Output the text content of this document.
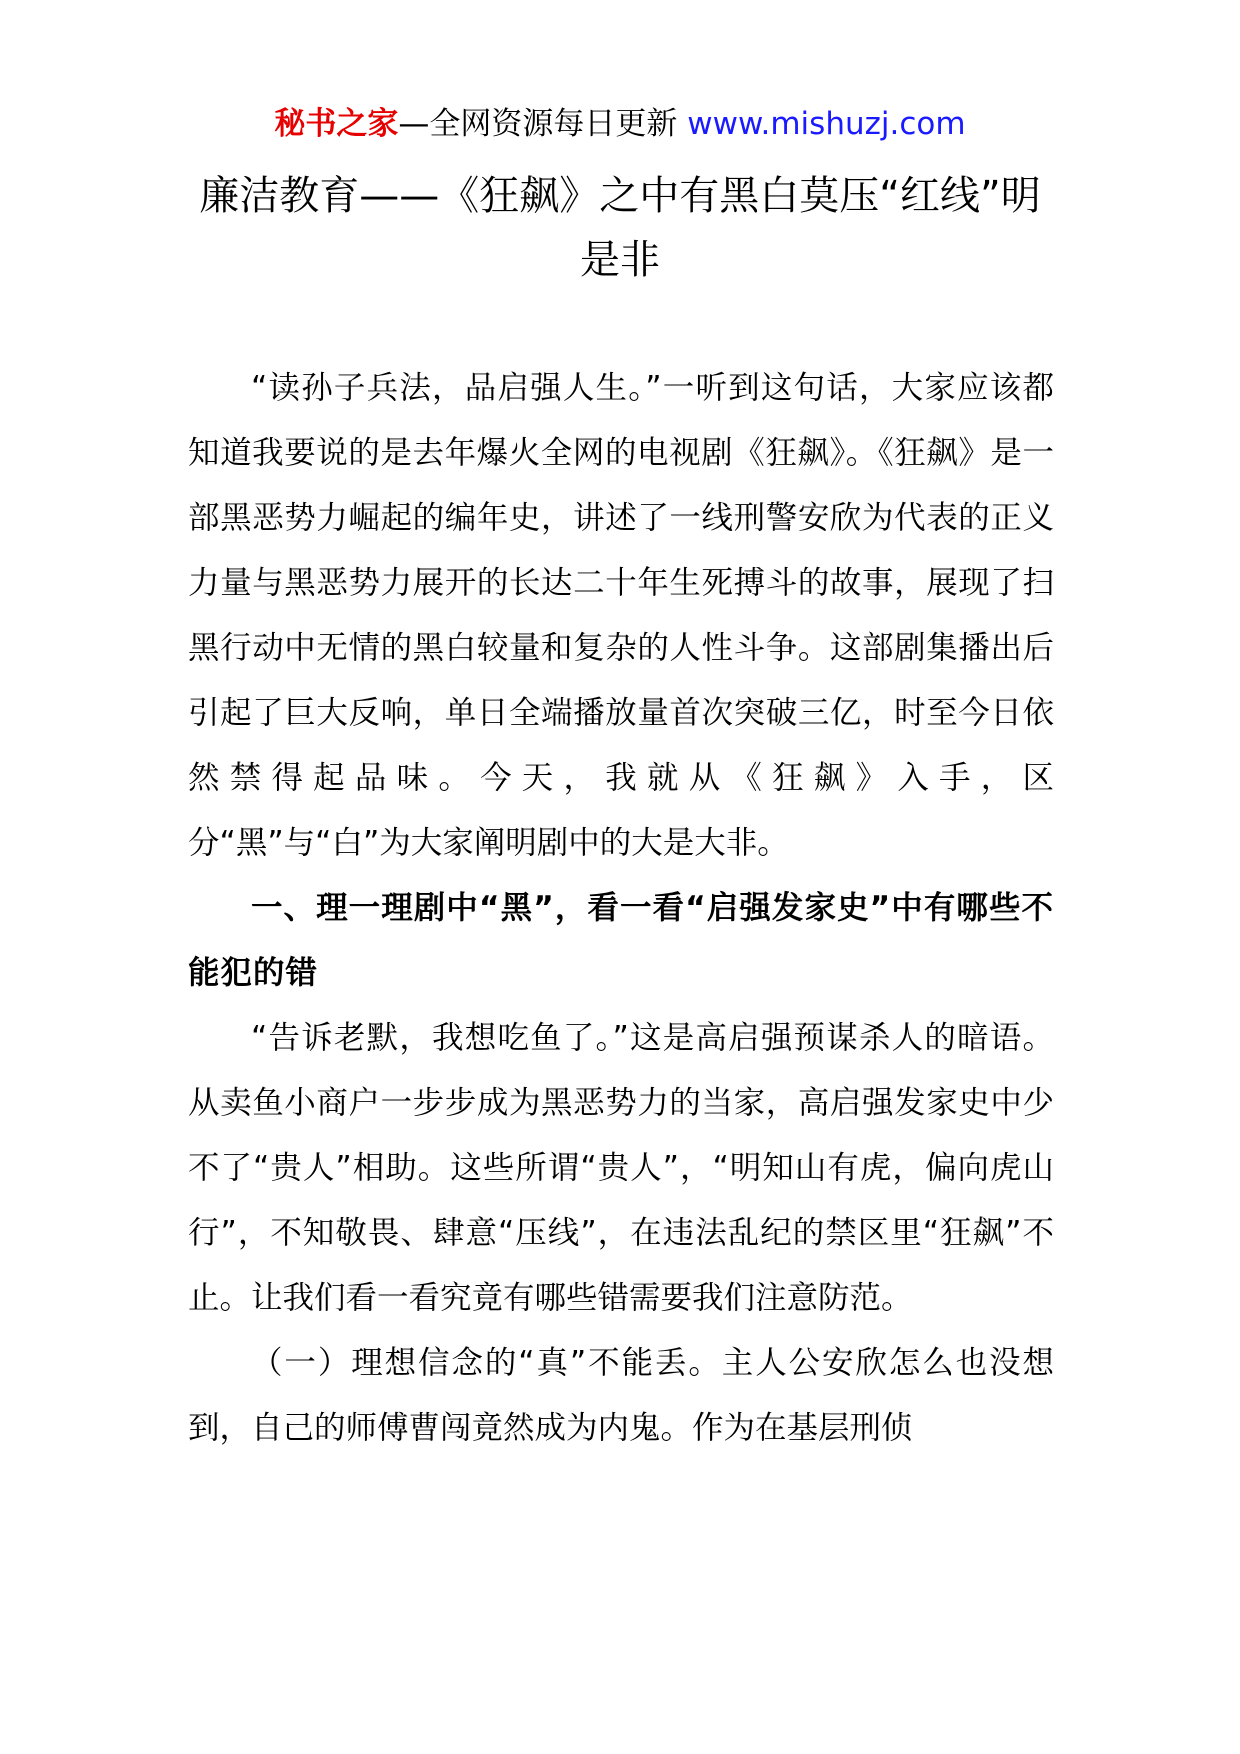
秘书之家—全网资源每日更新 www.mishuzj.com
廉洁教育——《狂飙》之中有黑白莫压“红线”明是非

“读孙子兵法，品启强人生。”一听到这句话，大家应该都知道我要说的是去年爆火全网的电视剧《狂飙》。《狂飙》是一部黑恶势力崛起的编年史，讲述了一线刑警安欣为代表的正义力量与黑恶势力展开的长达二十年生死搏斗的故事，展现了扫黑行动中无情的黑白较量和复杂的人性斗争。这部剧集播出后引起了巨大反响，单日全端播放量首次突破三亿，时至今日依然禁得起品味。今天，我就从《狂飙》入手，区分“黑”与“白”为大家阐明剧中的大是大非。

一、理一理剧中“黑”，看一看“启强发家史”中有哪些不能犯的错

“告诉老默，我想吃鱼了。”这是高启强预谋杀人的暗语。从卖鱼小商户一步步成为黑恶势力的当家，高启强发家史中少不了“贵人”相助。这些所谓“贵人”，“明知山有虎，偏向虎山行”，不知敬畏、肆意“压线”，在违法乱纪的禁区里“狂飙”不止。让我们看一看究竟有哪些错需要我们注意防范。

（一）理想信念的“真”不能丢。主人公安欣怎么也没想到，自己的师傅曹闯竟然成为内鬼。作为在基层刑侦
